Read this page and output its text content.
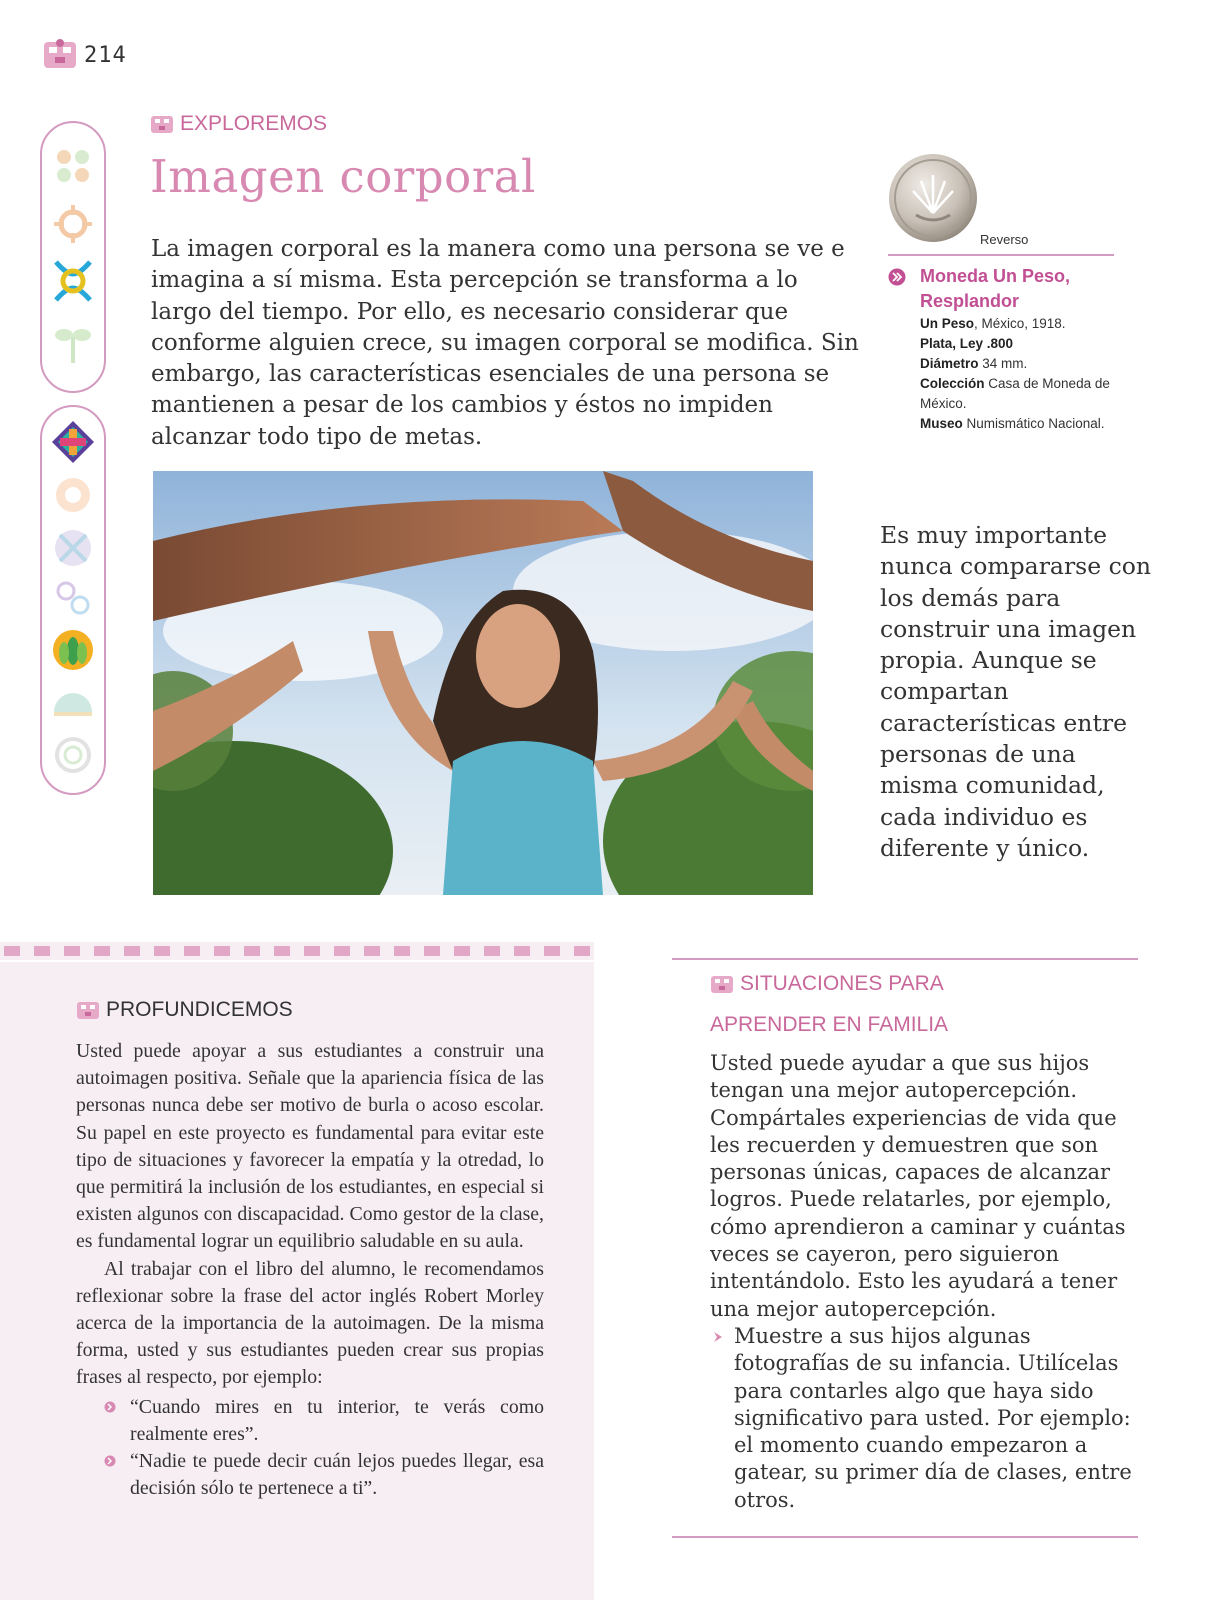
214
EXPLOREMOS
Imagen corporal

La imagen corporal es la manera como una persona se ve e imagina a sí misma. Esta percepción se transforma a lo largo del tiempo. Por ello, es necesario considerar que conforme alguien crece, su imagen corporal se modifica. Sin embargo, las características esenciales de una persona se mantienen a pesar de los cambios y éstos no impiden alcanzar todo tipo de metas.

Reverso
Moneda Un Peso, Resplandor
Un Peso, México, 1918.
Plata, Ley .800
Diámetro 34 mm.
Colección Casa de Moneda de México.
Museo Numismático Nacional.

Es muy importante nunca compararse con los demás para construir una imagen propia. Aunque se compartan características entre personas de una misma comunidad, cada individuo es diferente y único.

PROFUNDICEMOS

Usted puede apoyar a sus estudiantes a construir una autoimagen positiva. Señale que la apariencia física de las personas nunca debe ser motivo de burla o acoso escolar. Su papel en este proyecto es fundamental para evitar este tipo de situaciones y favorecer la empatía y la otredad, lo que permitirá la inclusión de los estudiantes, en especial si existen algunos con discapacidad. Como gestor de la clase, es fundamental lograr un equilibrio saludable en su aula.

Al trabajar con el libro del alumno, le recomendamos reflexionar sobre la frase del actor inglés Robert Morley acerca de la importancia de la autoimagen. De la misma forma, usted y sus estudiantes pueden crear sus propias frases al respecto, por ejemplo:

“Cuando mires en tu interior, te verás como realmente eres”.
“Nadie te puede decir cuán lejos puedes llegar, esa decisión sólo te pertenece a ti”.
SITUACIONES PARA
APRENDER EN FAMILIA

Usted puede ayudar a que sus hijos tengan una mejor autopercepción. Compártales experiencias de vida que les recuerden y demuestren que son personas únicas, capaces de alcanzar logros. Puede relatarles, por ejemplo, cómo aprendieron a caminar y cuántas veces se cayeron, pero siguieron intentándolo. Esto les ayudará a tener una mejor autopercepción.

Muestre a sus hijos algunas fotografías de su infancia. Utilícelas para contarles algo que haya sido significativo para usted. Por ejemplo: el momento cuando empezaron a gatear, su primer día de clases, entre otros.
